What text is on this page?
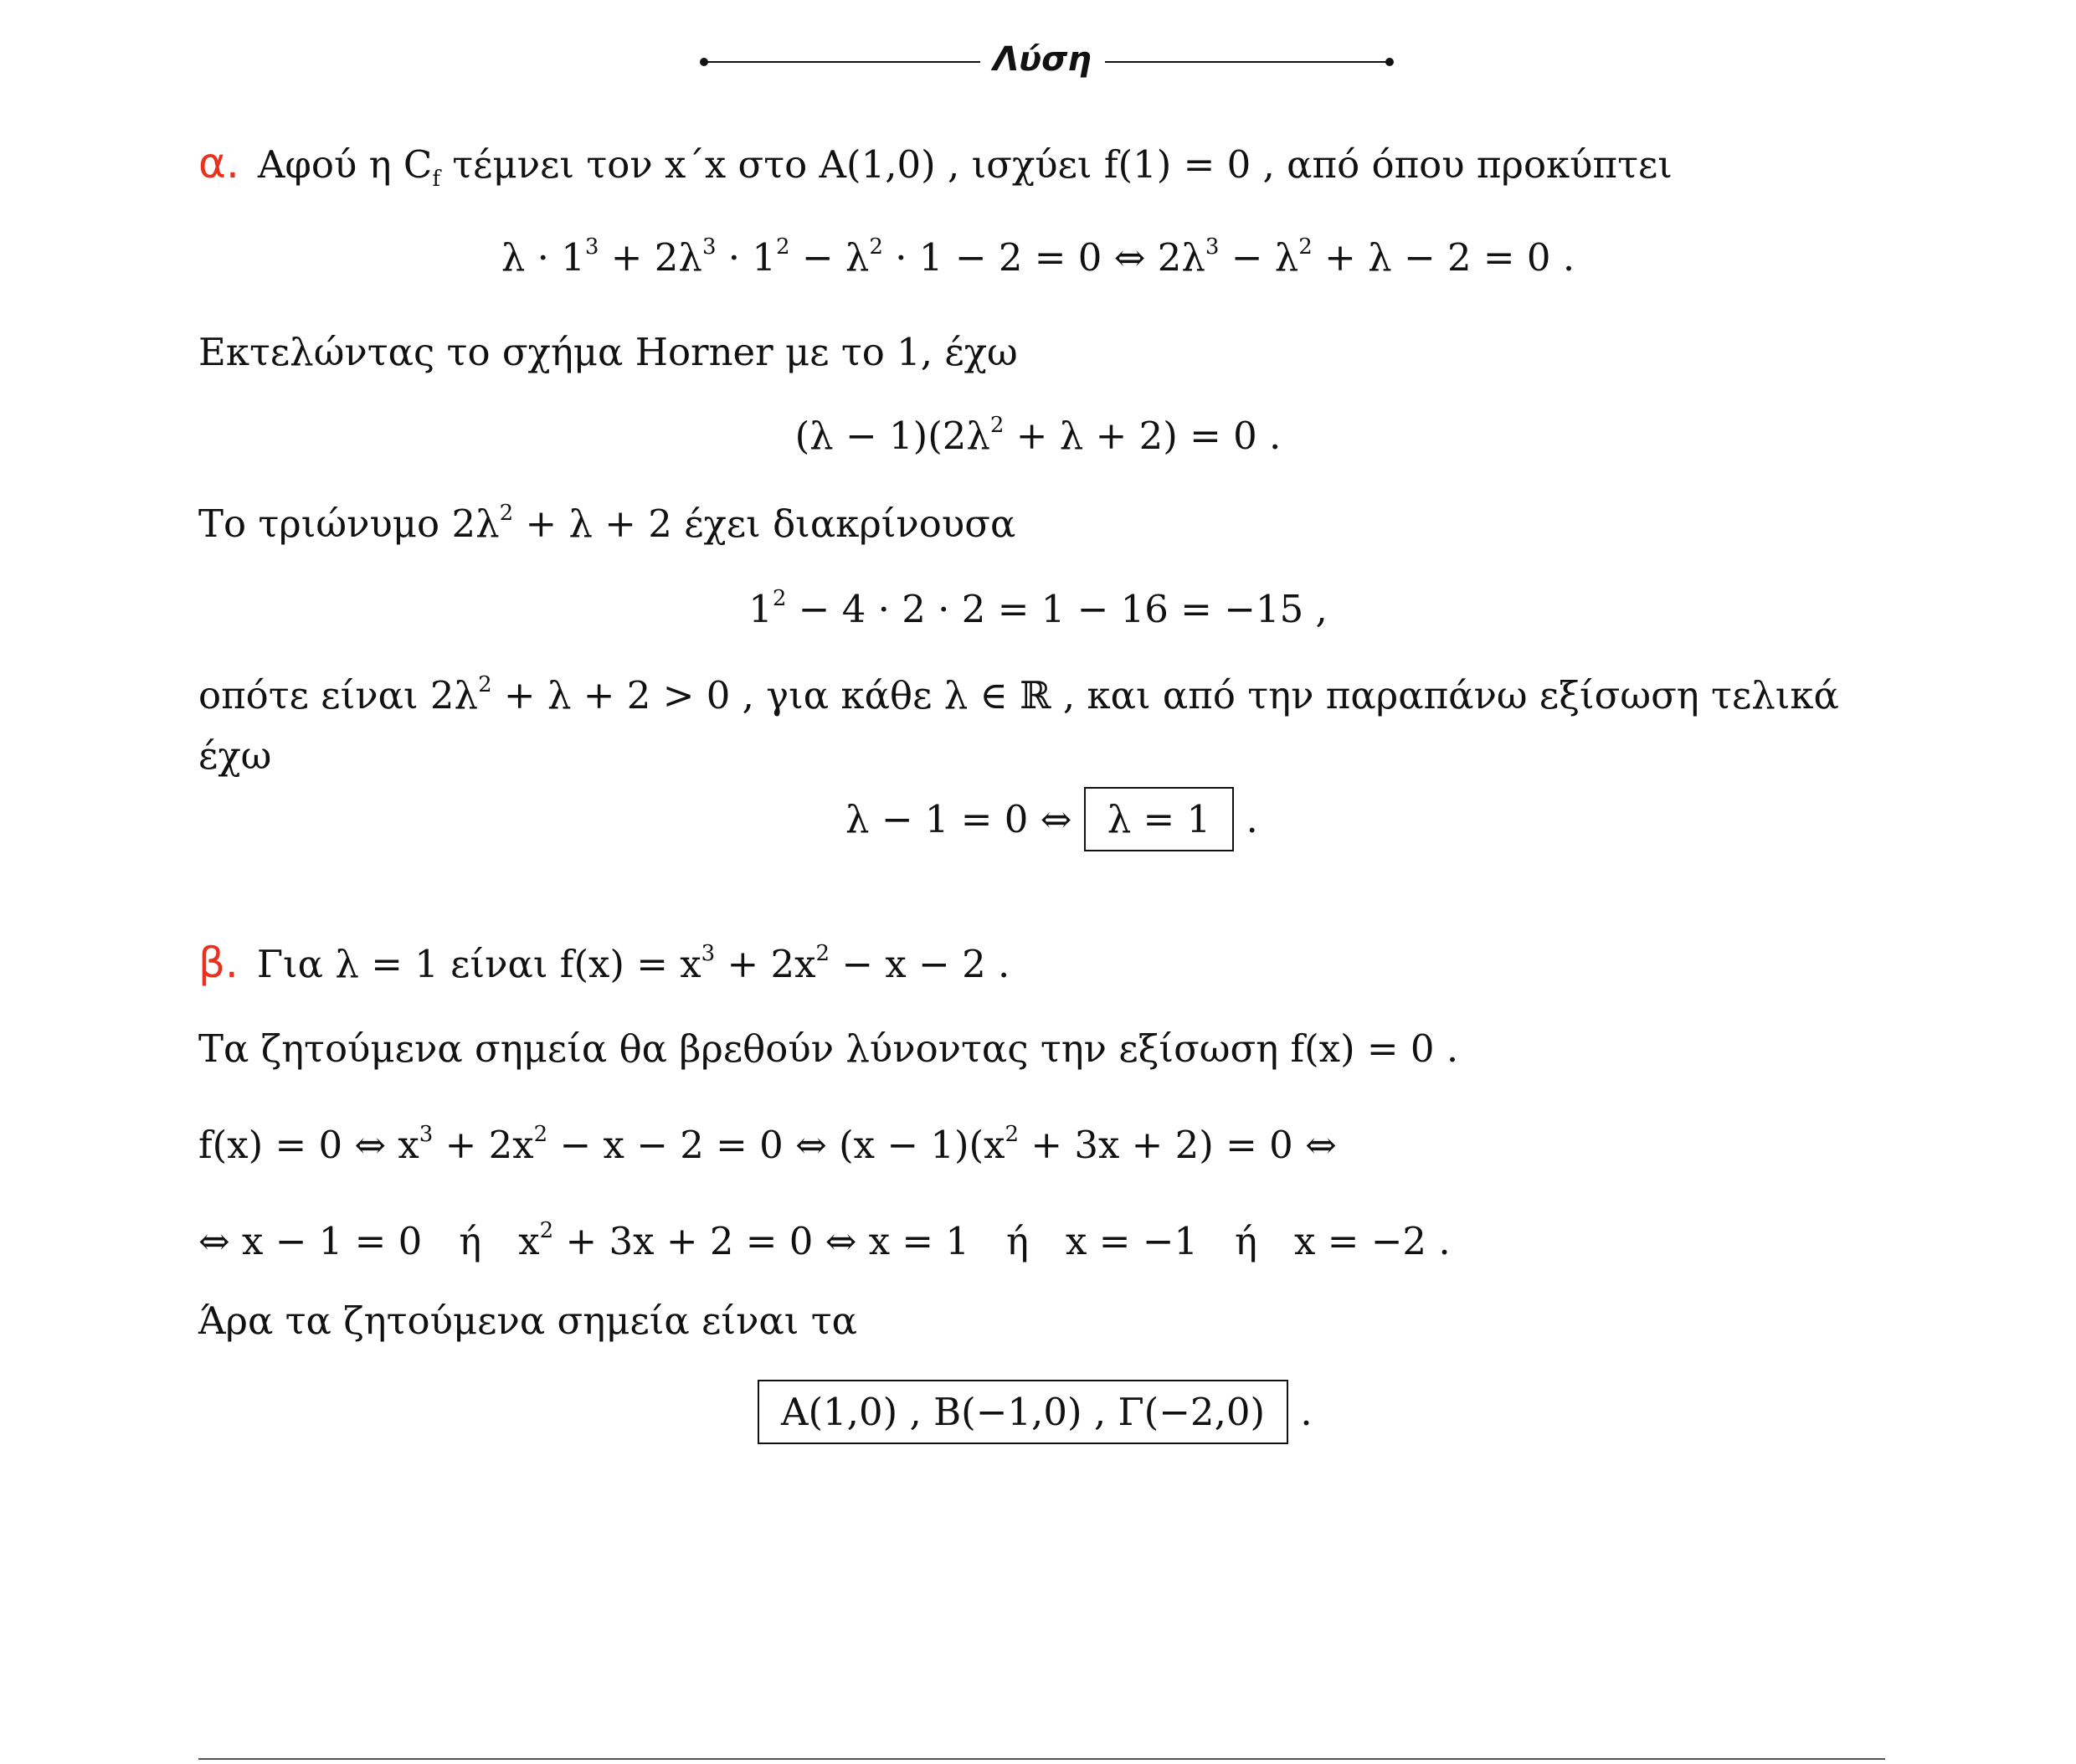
Λύση
α. Αφού η $C_f$ τέμνει τον x΄x στο A(1,0) , ισχύει f(1) = 0 , από όπου προκύπτει
$\lambda \cdot 1^3 + 2\lambda^3 \cdot 1^2 - \lambda^2 \cdot 1 - 2 = 0$ ⇔ $2\lambda^3 - \lambda^2 + \lambda - 2 = 0$ .
Εκτελώντας το σχήμα Horner με το 1, έχω
$(\lambda - 1)(2\lambda^2 + \lambda + 2) = 0$ .
Το τριώνυμο $2\lambda^2 + \lambda + 2$ έχει διακρίνουσα
$1^2 - 4 \cdot 2 \cdot 2 = 1 - 16 = -15$ ,
οπότε είναι $2\lambda^2 + \lambda + 2 > 0$ , για κάθε λ ∈ ℝ , και από την παραπάνω εξίσωση τελικά
έχω
λ − 1 = 0 ⇔ λ = 1 .
β. Για λ = 1 είναι $f(x) = x^3 + 2x^2 - x - 2$ .
Τα ζητούμενα σημεία θα βρεθούν λύνοντας την εξίσωση f(x) = 0 .
f(x) = 0 ⇔ $x^3 + 2x^2 - x - 2 = 0$ ⇔ $(x - 1)(x^2 + 3x + 2) = 0$ ⇔
⇔ x − 1 = 0 ή $x^2 + 3x + 2 = 0$ ⇔ x = 1 ή x = −1 ή x = −2 .
Άρα τα ζητούμενα σημεία είναι τα
A(1,0) , B(−1,0) , Γ(−2,0) .
